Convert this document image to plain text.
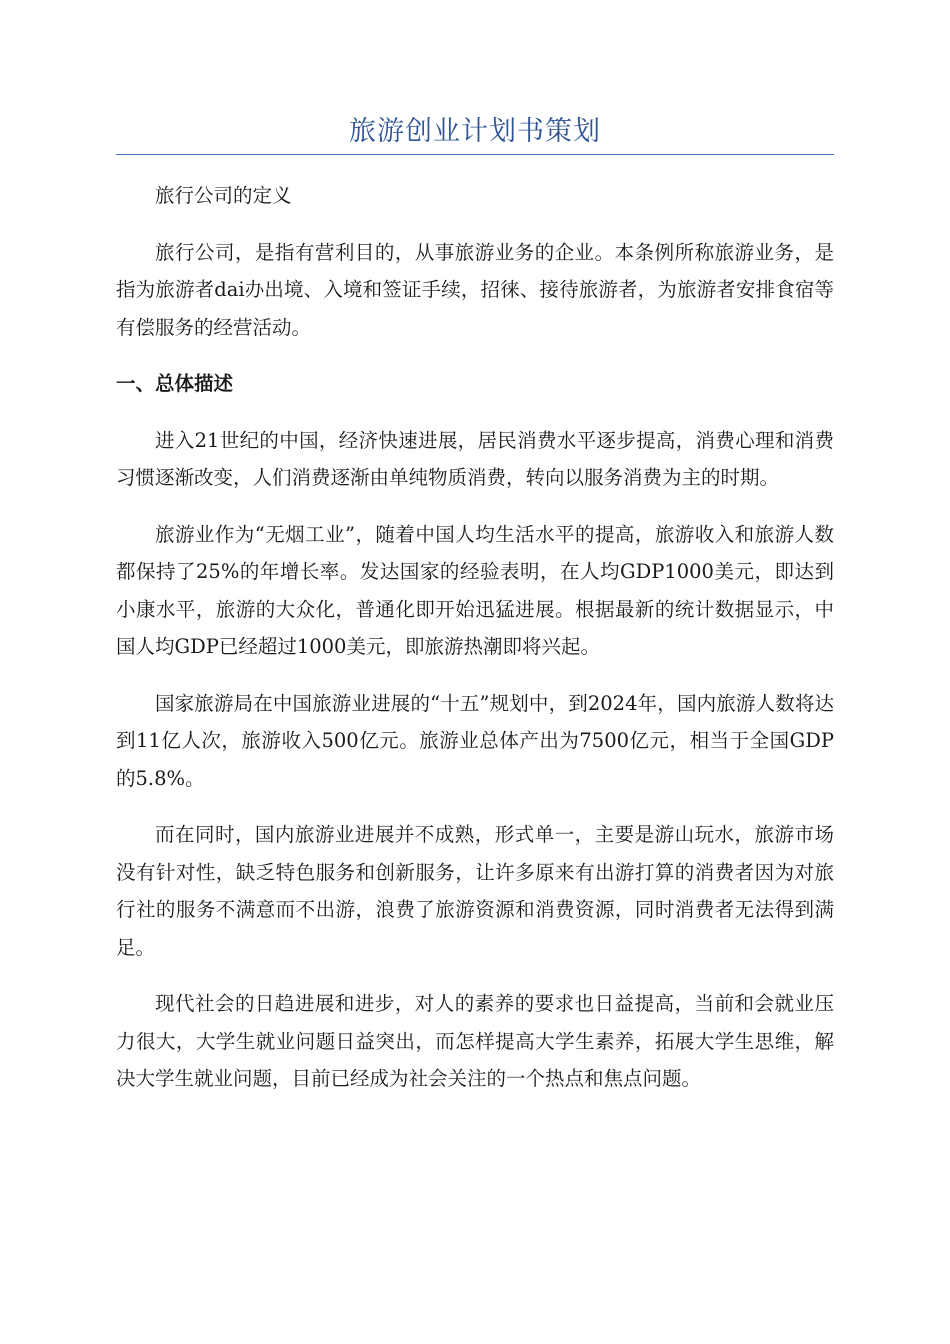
旅游创业计划书策划

旅行公司的定义

旅行公司，是指有营利目的，从事旅游业务的企业。本条例所称旅游业务，是指为旅游者dai办出境、入境和签证手续，招徕、接待旅游者，为旅游者安排食宿等有偿服务的经营活动。

一、总体描述

进入21世纪的中国，经济快速进展，居民消费水平逐步提高，消费心理和消费习惯逐渐改变，人们消费逐渐由单纯物质消费，转向以服务消费为主的时期。

旅游业作为“无烟工业”，随着中国人均生活水平的提高，旅游收入和旅游人数都保持了25%的年增长率。发达国家的经验表明，在人均GDP1000美元，即达到小康水平，旅游的大众化，普通化即开始迅猛进展。根据最新的统计数据显示，中国人均GDP已经超过1000美元，即旅游热潮即将兴起。

国家旅游局在中国旅游业进展的“十五”规划中，到2024年，国内旅游人数将达到11亿人次，旅游收入500亿元。旅游业总体产出为7500亿元，相当于全国GDP的5.8%。

而在同时，国内旅游业进展并不成熟，形式单一，主要是游山玩水，旅游市场没有针对性，缺乏特色服务和创新服务，让许多原来有出游打算的消费者因为对旅行社的服务不满意而不出游，浪费了旅游资源和消费资源，同时消费者无法得到满足。

现代社会的日趋进展和进步，对人的素养的要求也日益提高，当前和会就业压力很大，大学生就业问题日益突出，而怎样提高大学生素养，拓展大学生思维，解决大学生就业问题，目前已经成为社会关注的一个热点和焦点问题。
